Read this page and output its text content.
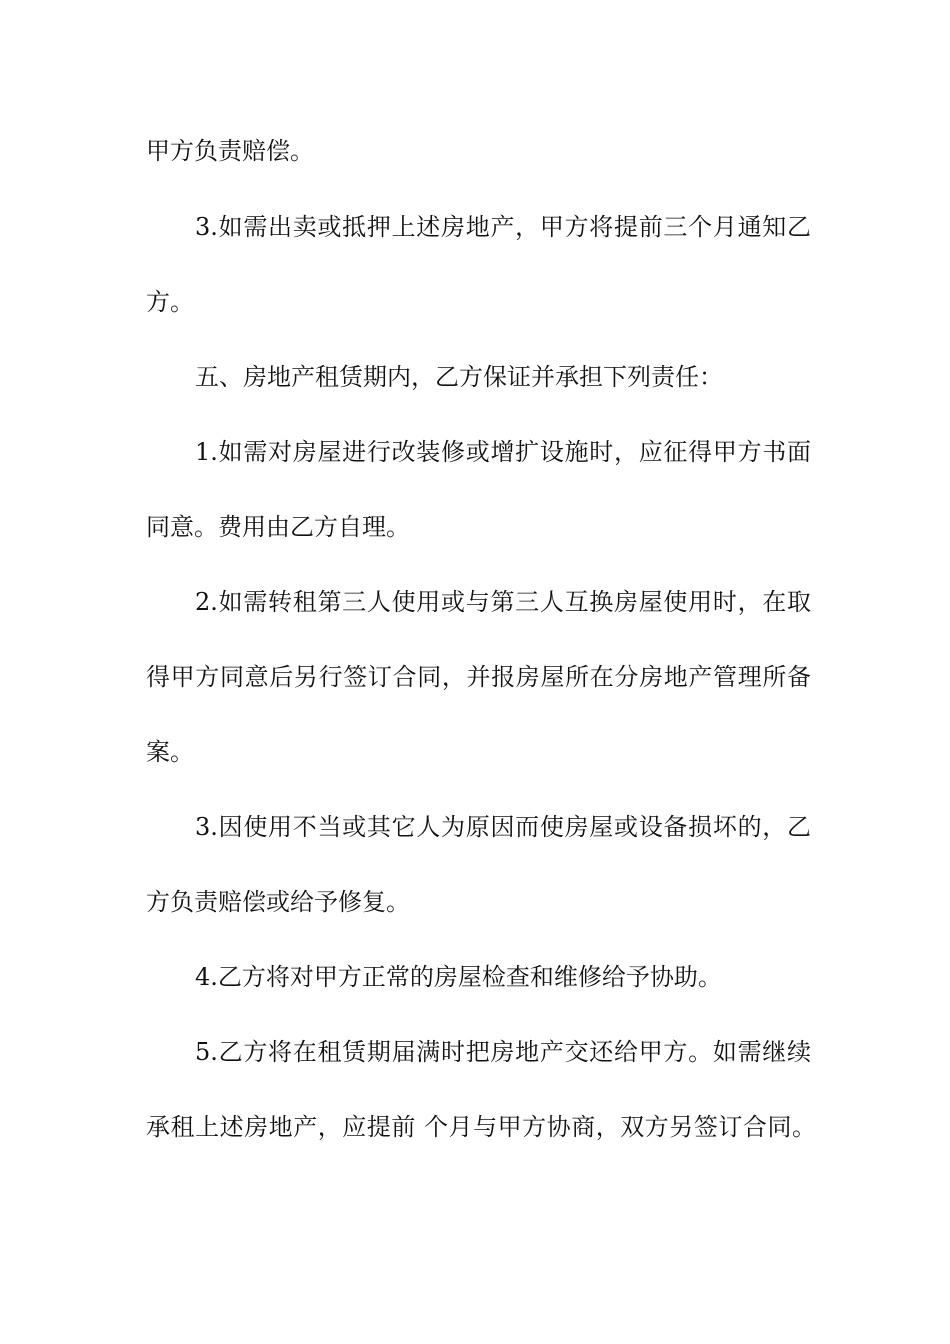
甲方负责赔偿。
3.如需出卖或抵押上述房地产，甲方将提前三个月通知乙
方。
五、房地产租赁期内，乙方保证并承担下列责任：
1.如需对房屋进行改装修或增扩设施时，应征得甲方书面
同意。费用由乙方自理。
2.如需转租第三人使用或与第三人互换房屋使用时，在取
得甲方同意后另行签订合同，并报房屋所在分房地产管理所备
案。
3.因使用不当或其它人为原因而使房屋或设备损坏的，乙
方负责赔偿或给予修复。
4.乙方将对甲方正常的房屋检查和维修给予协助。
5.乙方将在租赁期届满时把房地产交还给甲方。如需继续
承租上述房地产，应提前 个月与甲方协商，双方另签订合同。
